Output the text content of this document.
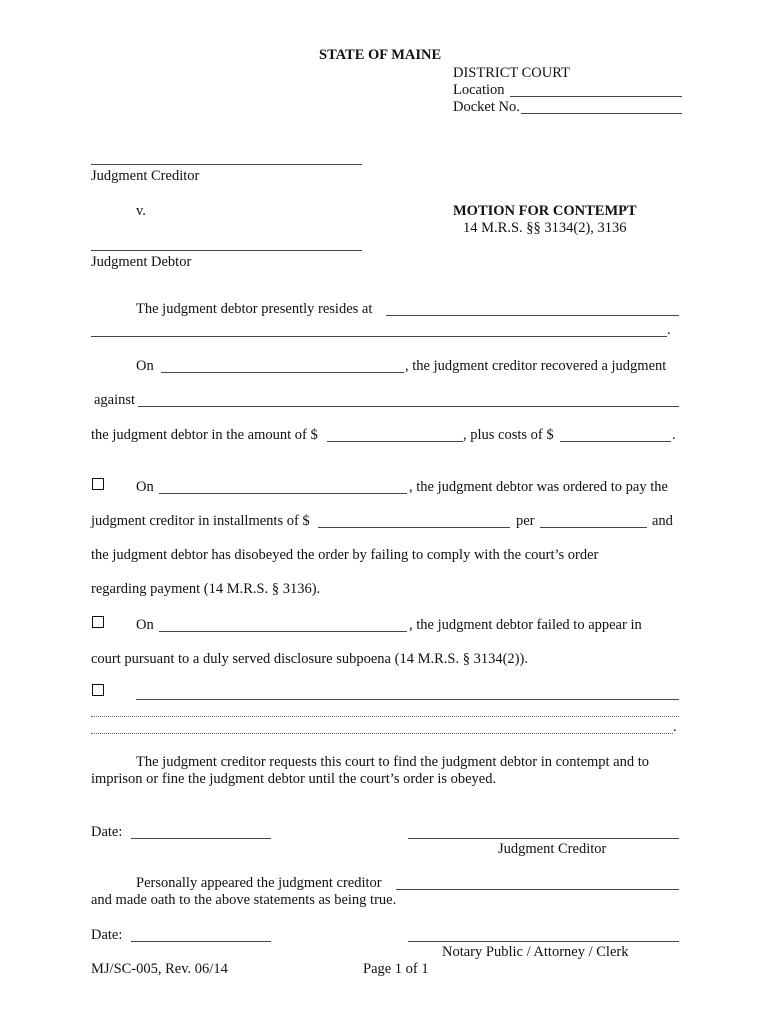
STATE OF MAINE
DISTRICT COURT
Location
Docket No.
Judgment Creditor
v.	MOTION FOR CONTEMPT
14 M.R.S. §§ 3134(2), 3136
Judgment Debtor
The judgment debtor presently resides at
.
On	, the judgment creditor recovered a judgment
against
the judgment debtor in the amount of $	, plus costs of $	.
On	, the judgment debtor was ordered to pay the
judgment creditor in installments of $	per	and
the judgment debtor has disobeyed the order by failing to comply with the court’s order
regarding payment (14 M.R.S. § 3136).
On	, the judgment debtor failed to appear in
court pursuant to a duly served disclosure subpoena (14 M.R.S. § 3134(2)).
.
The judgment creditor requests this court to find the judgment debtor in contempt and to
imprison or fine the judgment debtor until the court’s order is obeyed.
Date:
Judgment Creditor
Personally appeared the judgment creditor
and made oath to the above statements as being true.
Date:
Notary Public / Attorney / Clerk
MJ/SC-005, Rev. 06/14	Page 1 of 1
